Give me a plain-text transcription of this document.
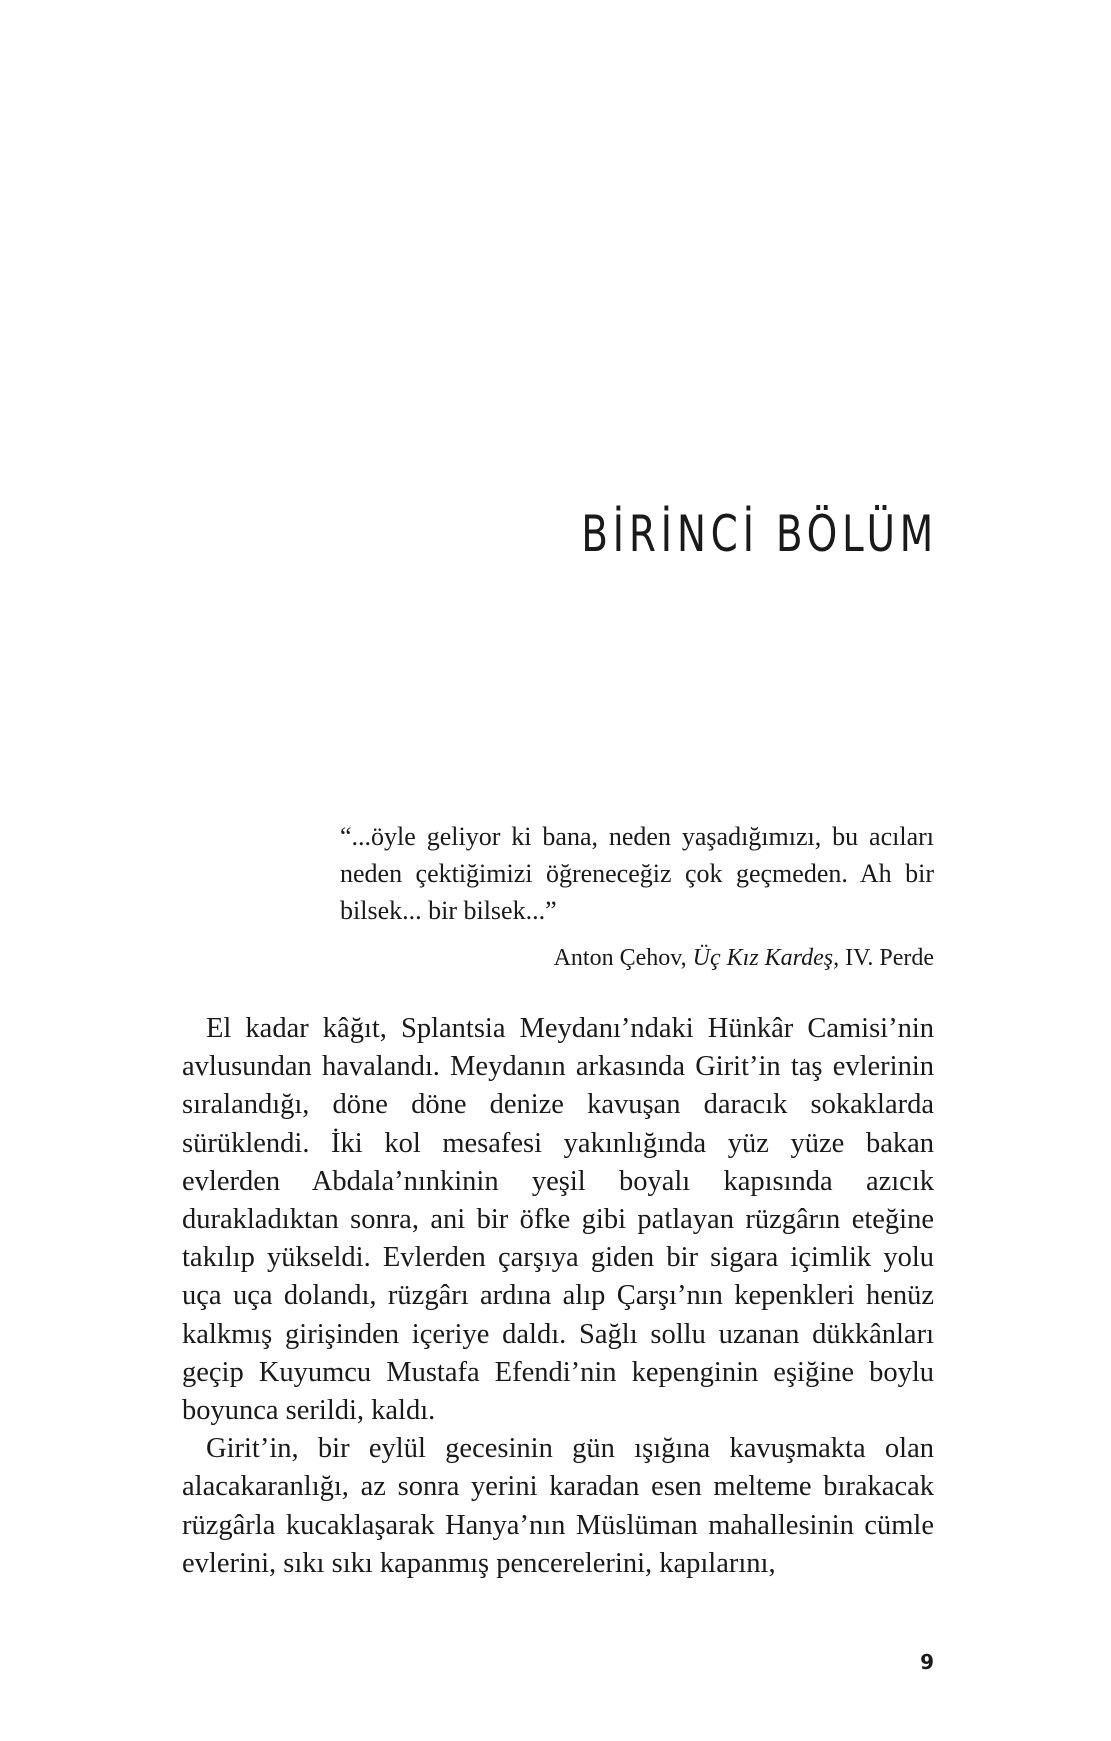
BİRİNCİ BÖLÜM

“...öyle geliyor ki bana, neden yaşadığımızı, bu acıları neden çektiğimizi öğreneceğiz çok geçmeden. Ah bir bilsek... bir bilsek...”

Anton Çehov, Üç Kız Kardeş, IV. Perde

El kadar kâğıt, Splantsia Meydanı’ndaki Hünkâr Camisi’nin avlusundan havalandı. Meydanın arkasında Girit’in taş evlerinin sıralandığı, döne döne denize kavuşan daracık sokaklarda sürüklendi. İki kol mesafesi yakınlığında yüz yüze bakan evlerden Abdala’nınkinin yeşil boyalı kapısında azıcık durakladıktan sonra, ani bir öfke gibi patlayan rüzgârın eteğine takılıp yükseldi. Evlerden çarşıya giden bir sigara içimlik yolu uça uça dolandı, rüzgârı ardına alıp Çarşı’nın kepenkleri henüz kalkmış girişinden içeriye daldı. Sağlı sollu uzanan dükkânları geçip Kuyumcu Mustafa Efendi’nin kepenginin eşiğine boylu boyunca serildi, kaldı.

Girit’in, bir eylül gecesinin gün ışığına kavuşmakta olan alacakaranlığı, az sonra yerini karadan esen melteme bırakacak rüzgârla kucaklaşarak Hanya’nın Müslüman mahallesinin cümle evlerini, sıkı sıkı kapanmış pencerelerini, kapılarını,

9
